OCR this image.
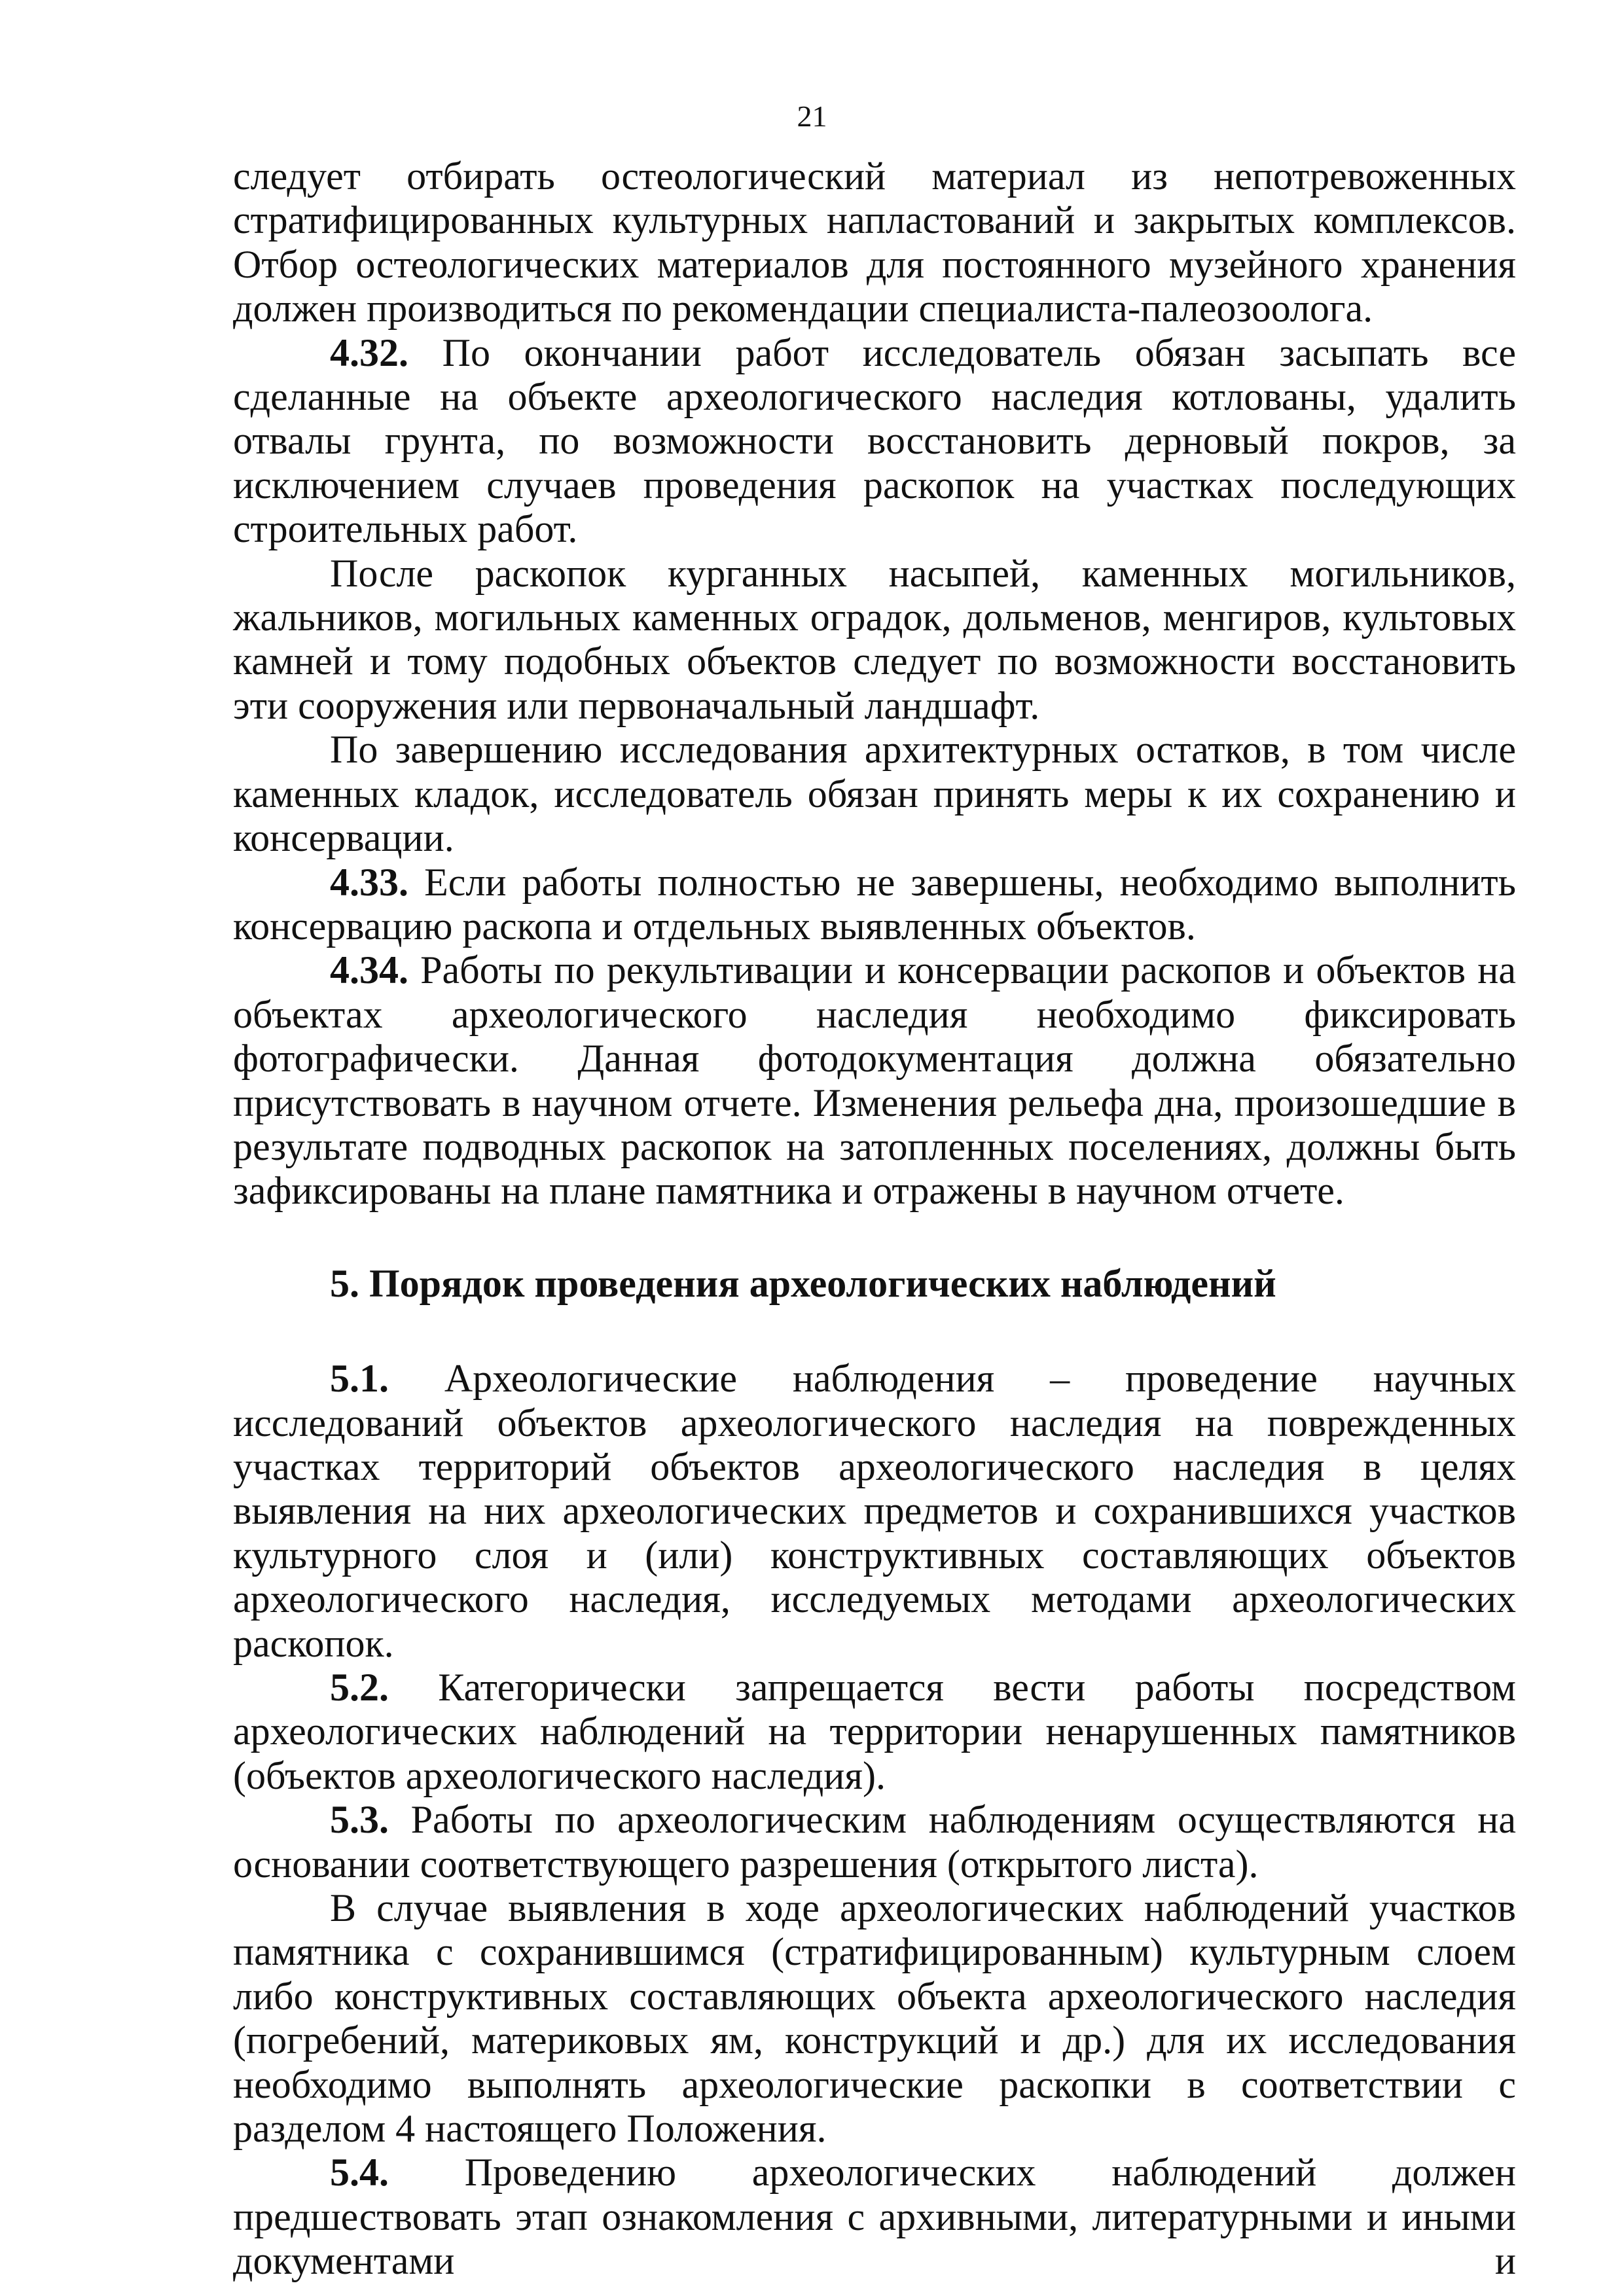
21

следует отбирать остеологический материал из непотревоженных стратифицированных культурных напластований и закрытых комплексов. Отбор остеологических материалов для постоянного музейного хранения должен производиться по рекомендации специалиста-палеозоолога.

4.32. По окончании работ исследователь обязан засыпать все сделанные на объекте археологического наследия котлованы, удалить отвалы грунта, по возможности восстановить дерновый покров, за исключением случаев проведения раскопок на участках последующих строительных работ.

После раскопок курганных насыпей, каменных могильников, жальников, могильных каменных оградок, дольменов, менгиров, культовых камней и тому подобных объектов следует по возможности восстановить эти сооружения или первоначальный ландшафт.

По завершению исследования архитектурных остатков, в том числе каменных кладок, исследователь обязан принять меры к их сохранению и консервации.

4.33. Если работы полностью не завершены, необходимо выполнить консервацию раскопа и отдельных выявленных объектов.

4.34. Работы по рекультивации и консервации раскопов и объектов на объектах археологического наследия необходимо фиксировать фотографически. Данная фотодокументация должна обязательно присутствовать в научном отчете. Изменения рельефа дна, произошедшие в результате подводных раскопок на затопленных поселениях, должны быть зафиксированы на плане памятника и отражены в научном отчете.

5. Порядок проведения археологических наблюдений

5.1. Археологические наблюдения – проведение научных исследований объектов археологического наследия на поврежденных участках территорий объектов археологического наследия в целях выявления на них археологических предметов и сохранившихся участков культурного слоя и (или) конструктивных составляющих объектов археологического наследия, исследуемых методами археологических раскопок.

5.2. Категорически запрещается вести работы посредством археологических наблюдений на территории ненарушенных памятников (объектов археологического наследия).

5.3. Работы по археологическим наблюдениям осуществляются на основании соответствующего разрешения (открытого листа).

В случае выявления в ходе археологических наблюдений участков памятника с сохранившимся (стратифицированным) культурным слоем либо конструктивных составляющих объекта археологического наследия (погребений, материковых ям, конструкций и др.) для их исследования необходимо выполнять археологические раскопки в соответствии с разделом 4 настоящего Положения.

5.4. Проведению археологических наблюдений должен предшествовать этап ознакомления с архивными, литературными и иными документами и
